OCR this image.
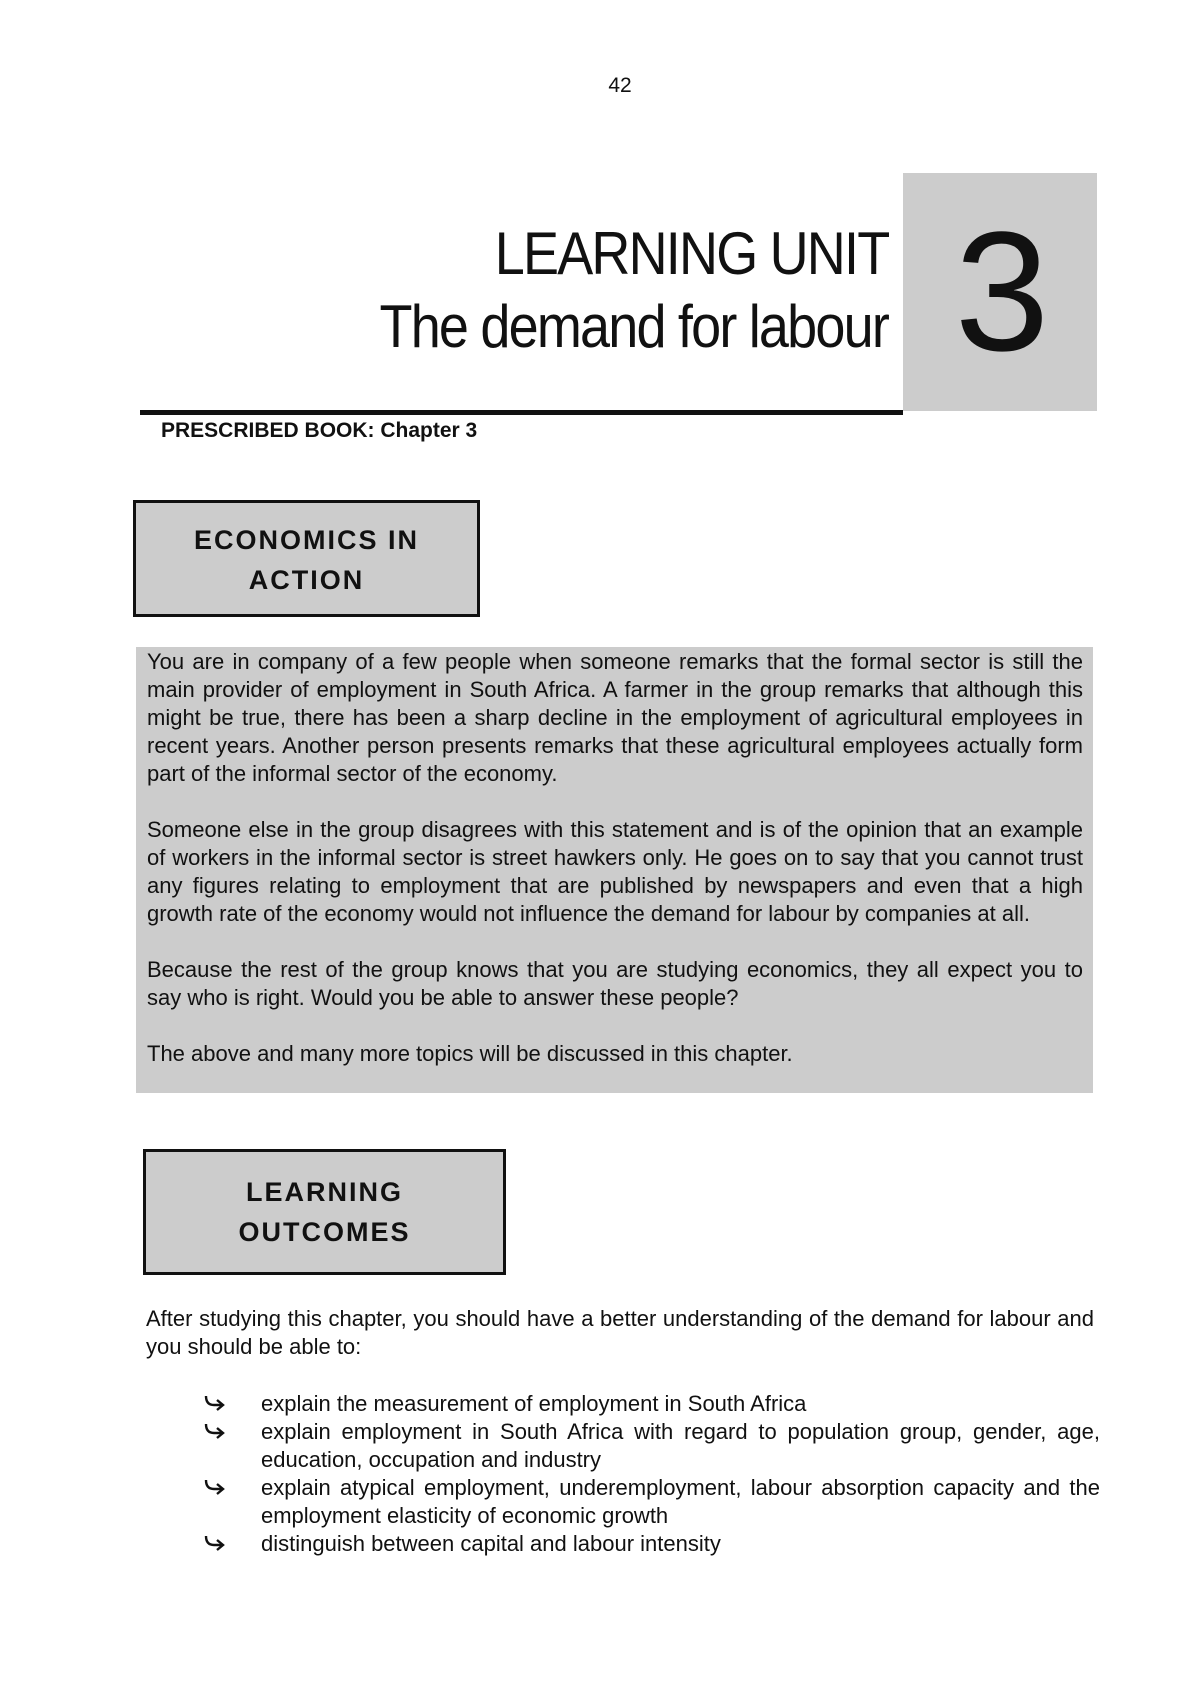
42
LEARNING UNIT
The demand for labour 3
PRESCRIBED BOOK: Chapter 3
ECONOMICS IN
ACTION

You are in company of a few people when someone remarks that the formal sector is still the main provider of employment in South Africa. A farmer in the group remarks that although this might be true, there has been a sharp decline in the employment of agricultural employees in recent years. Another person presents remarks that these agricultural employees actually form part of the informal sector of the economy.

Someone else in the group disagrees with this statement and is of the opinion that an example of workers in the informal sector is street hawkers only. He goes on to say that you cannot trust any figures relating to employment that are published by newspapers and even that a high growth rate of the economy would not influence the demand for labour by companies at all.

Because the rest of the group knows that you are studying economics, they all expect you to say who is right. Would you be able to answer these people?

The above and many more topics will be discussed in this chapter.

LEARNING
OUTCOMES

After studying this chapter, you should have a better understanding of the demand for labour and you should be able to:

explain the measurement of employment in South Africa
explain employment in South Africa with regard to population group, gender, age, education, occupation and industry
explain atypical employment, underemployment, labour absorption capacity and the employment elasticity of economic growth
distinguish between capital and labour intensity
